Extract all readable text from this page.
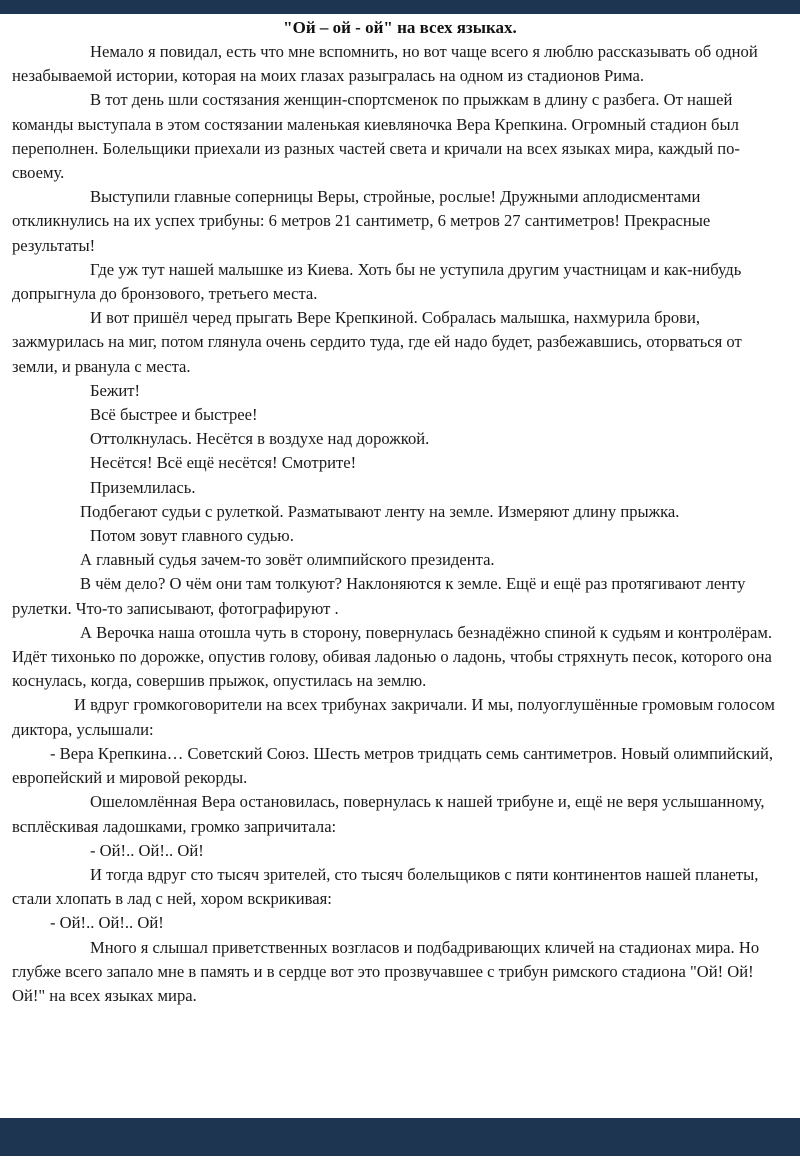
"Ой – ой - ой" на всех языках.

Немало я повидал, есть что мне вспомнить, но вот чаще всего я люблю рассказывать об одной незабываемой истории, которая на моих глазах разыгралась на одном из стадионов Рима.

В тот день шли состязания женщин-спортсменок по прыжкам в длину с разбега. От нашей команды выступала в этом состязании маленькая киевляночка Вера Крепкина. Огромный стадион был переполнен. Болельщики приехали из разных частей света и кричали на всех языках мира, каждый по-своему.

Выступили главные соперницы Веры, стройные, рослые! Дружными аплодисментами откликнулись на их успех трибуны: 6 метров 21 сантиметр, 6 метров 27 сантиметров! Прекрасные результаты!

Где уж тут нашей малышке из Киева. Хоть бы не уступила другим участницам и как-нибудь допрыгнула до бронзового, третьего места.

И вот пришёл черед прыгать Вере Крепкиной. Собралась малышка, нахмурила брови, зажмурилась на миг, потом глянула очень сердито туда, где ей надо будет, разбежавшись, оторваться от земли, и рванула с места.

Бежит!

Всё быстрее и быстрее!

Оттолкнулась. Несётся в воздухе над дорожкой.

Несётся! Всё ещё несётся! Смотрите!

Приземлилась.

Подбегают судьи с рулеткой. Разматывают ленту на земле. Измеряют длину прыжка.

Потом зовут главного судью.

А главный судья зачем-то зовёт олимпийского президента.

В чём дело? О чём они там толкуют? Наклоняются к земле. Ещё и ещё раз протягивают ленту рулетки. Что-то записывают, фотографируют .

А Верочка наша отошла чуть в сторону, повернулась безнадёжно спиной к судьям и контролёрам. Идёт тихонько по дорожке, опустив голову, обивая ладонью о ладонь, чтобы стряхнуть песок, которого она коснулась, когда, совершив прыжок, опустилась на землю.

И вдруг громкоговорители на всех трибунах закричали. И мы, полуоглушённые громовым голосом диктора, услышали:

- Вера Крепкина… Советский Союз. Шесть метров тридцать семь сантиметров. Новый олимпийский, европейский и мировой рекорды.

Ошеломлённая Вера остановилась, повернулась к нашей трибуне и, ещё не веря услышанному, всплёскивая ладошками, громко запричитала:

- Ой!.. Ой!.. Ой!

И тогда вдруг сто тысяч зрителей, сто тысяч болельщиков с пяти континентов нашей планеты, стали хлопать в лад с ней, хором вскрикивая:

- Ой!.. Ой!.. Ой!

Много я слышал приветственных возгласов и подбадривающих кличей на стадионах мира. Но глубже всего запало мне в память и в сердце вот это прозвучавшее с трибун римского стадиона "Ой! Ой! Ой!" на всех языках мира.
